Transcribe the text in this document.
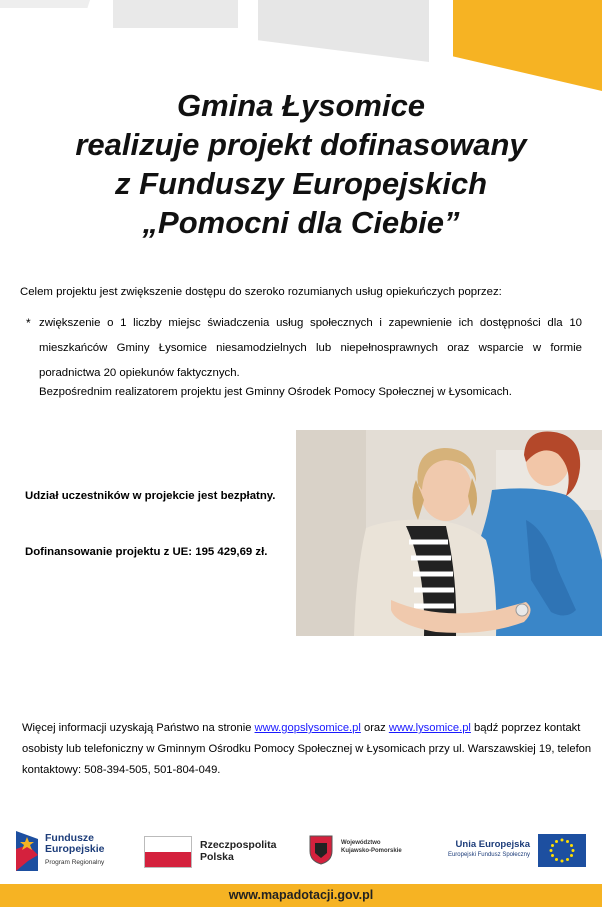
Gmina Łysomice
realizuje projekt dofinasowany
z Funduszy Europejskich
„Pomocni dla Ciebie”
Celem projektu jest zwiększenie dostępu do szeroko rozumianych usług opiekuńczych poprzez:
* zwiększenie o 1 liczby miejsc świadczenia usług społecznych i zapewnienie ich dostępności dla 10 mieszkańców Gminy Łysomice niesamodzielnych lub niepełnosprawnych oraz wsparcie w formie poradnictwa 20 opiekunów faktycznych.
Bezpośrednim realizatorem projektu jest Gminny Ośrodek Pomocy Społecznej w Łysomicach.
Udział uczestników w projekcie jest bezpłatny.
Dofinansowanie projektu z UE: 195 429,69 zł.
Więcej informacji uzyskają Państwo na stronie www.gopslysomice.pl oraz www.lysomice.pl bądź poprzez kontakt osobisty lub telefoniczny w Gminnym Ośrodku Pomocy Społecznej w Łysomicach przy ul. Warszawskiej 19, telefon kontaktowy: 508-394-505, 501-804-049.
Fundusze
Europejskie
Program Regionalny
Rzeczpospolita
Polska
Województwo
Kujawsko-Pomorskie
Unia Europejska
Europejski Fundusz Społeczny
www.mapadotacji.gov.pl
